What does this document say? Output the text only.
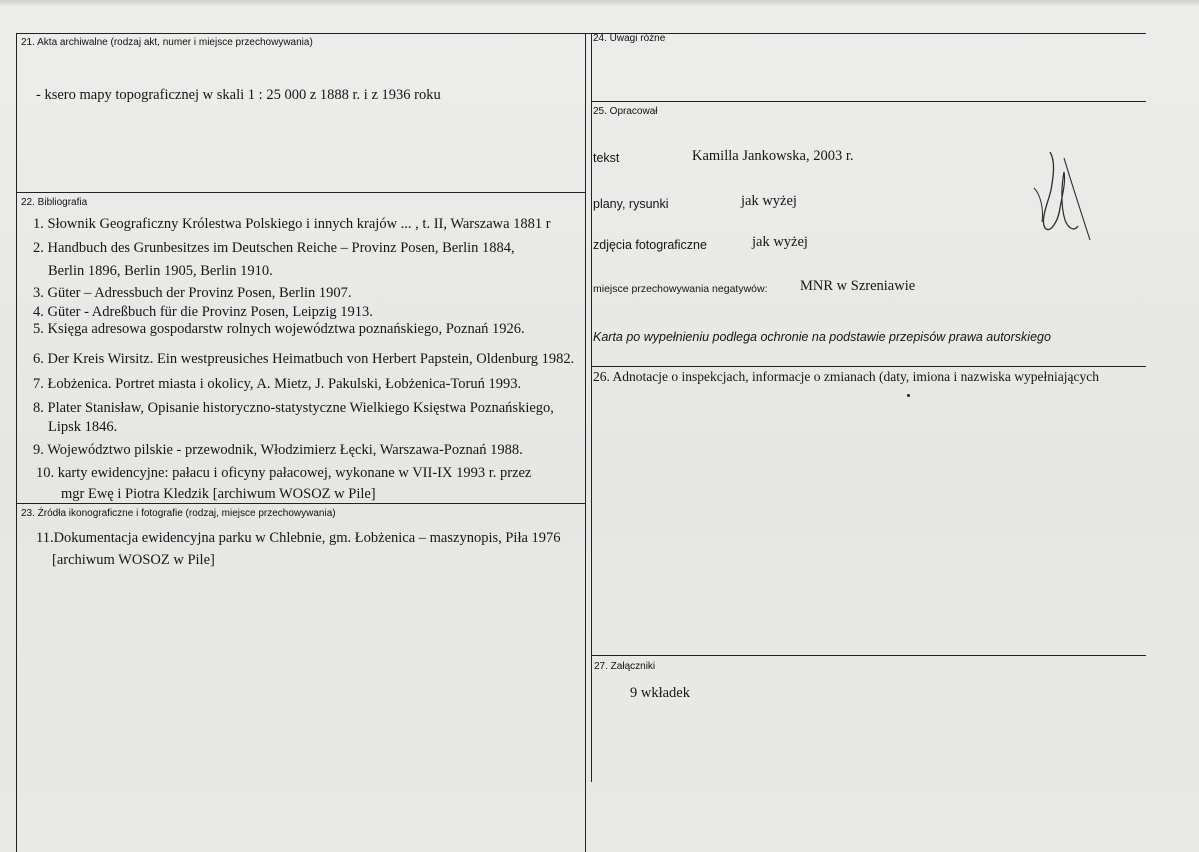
21. Akta archiwalne (rodzaj akt, numer i miejsce przechowywania)
- ksero mapy topograficznej w skali 1 : 25 000 z 1888 r. i z 1936 roku
22. Bibliografia
1. Słownik Geograficzny Królestwa Polskiego i innych krajów ... , t. II, Warszawa 1881 r
2. Handbuch des Grunbesitzes im Deutschen Reiche – Provinz Posen, Berlin 1884,
Berlin 1896, Berlin 1905, Berlin 1910.
3. Güter – Adressbuch der Provinz Posen, Berlin 1907.
4. Güter - Adreßbuch für die Provinz Posen, Leipzig 1913.
5. Księga adresowa gospodarstw rolnych województwa poznańskiego, Poznań 1926.
6. Der Kreis Wirsitz. Ein westpreusiches Heimatbuch von Herbert Papstein, Oldenburg 1982.
7. Łobżenica. Portret miasta i okolicy, A. Mietz, J. Pakulski, Łobżenica-Toruń 1993.
8. Plater Stanisław, Opisanie historyczno-statystyczne Wielkiego Księstwa Poznańskiego,
Lipsk 1846.
9. Województwo pilskie - przewodnik, Włodzimierz Łęcki, Warszawa-Poznań 1988.
10. karty ewidencyjne: pałacu i oficyny pałacowej, wykonane w VII-IX 1993 r. przez
mgr Ewę i Piotra Kledzik [archiwum WOSOZ w Pile]
23. Źródła ikonograficzne i fotografie (rodzaj, miejsce przechowywania)
11.Dokumentacja ewidencyjna parku w Chlebnie, gm. Łobżenica – maszynopis, Piła 1976
[archiwum WOSOZ w Pile]
24. Uwagi różne
25. Opracował
tekst	Kamilla Jankowska, 2003 r.
plany, rysunki	jak wyżej
zdjęcia fotograficzne	jak wyżej
miejsce przechowywania negatywów: MNR w Szreniawie
Karta po wypełnieniu podlega ochronie na podstawie przepisów prawa autorskiego
26. Adnotacje o inspekcjach, informacje o zmianach (daty, imiona i nazwiska wypełniających
27. Załączniki
9 wkładek
